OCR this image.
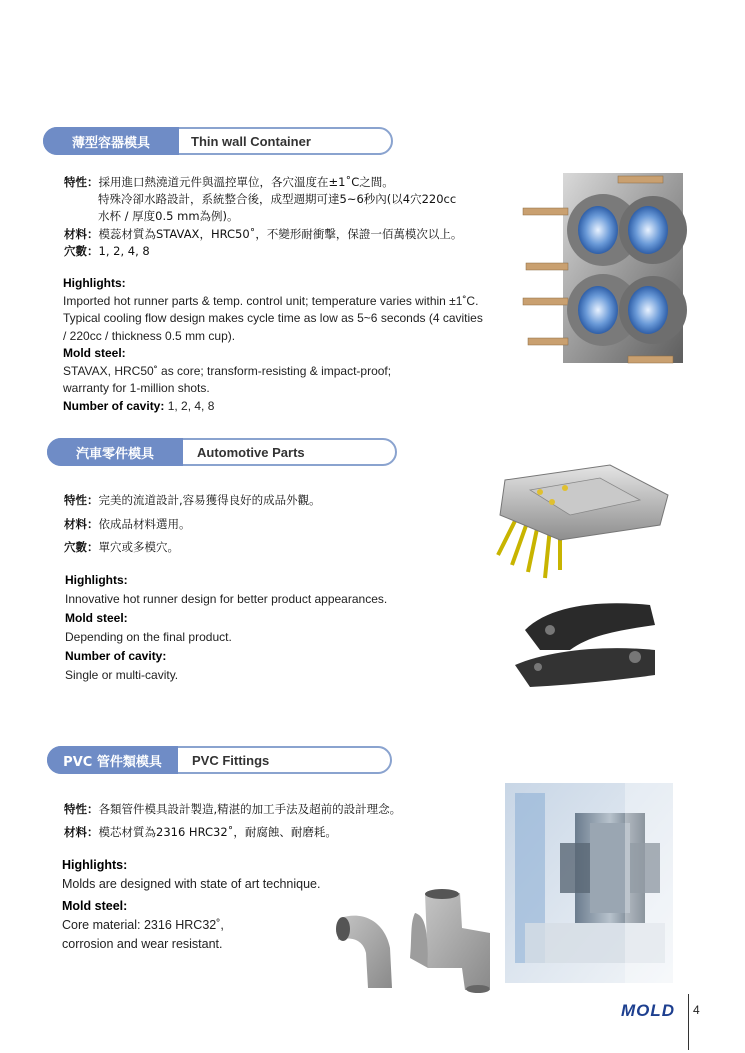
薄型容器模具	Thin wall Container
特性：採用進口熱澆道元件與溫控單位，各穴溫度在±1˚C之間。
特殊冷卻水路設計，系統整合後，成型週期可達5~6秒內(以4穴220cc
水杯 / 厚度0.5 mm為例)。
材料：模蕊材質為STAVAX，HRC50˚，不變形耐衝擊，保證一佰萬模次以上。
穴數：1, 2, 4, 8
Highlights:
Imported hot runner parts & temp. control unit; temperature varies within ±1˚C. Typical cooling flow design makes cycle time as low as 5~6 seconds (4 cavities / 220cc / thickness 0.5 mm cup).
Mold steel:
STAVAX, HRC50˚ as core; transform-resisting & impact-proof; warranty for 1-million shots.
Number of cavity: 1, 2, 4, 8
汽車零件模具	Automotive Parts
特性：完美的流道設計,容易獲得良好的成品外觀。
材料：依成品材料選用。
穴數：單穴或多模穴。
Highlights:
Innovative hot runner design for better product appearances.
Mold steel:
Depending on the final product.
Number of cavity:
Single or multi-cavity.
PVC 管件類模具	PVC Fittings
特性：各類管件模具設計製造,精湛的加工手法及超前的設計理念。
材料：模芯材質為2316 HRC32˚，耐腐蝕、耐磨耗。
Highlights:
Molds are designed with state of art technique.
Mold steel:
Core material: 2316 HRC32˚,
corrosion and wear resistant.
MOLD 4
